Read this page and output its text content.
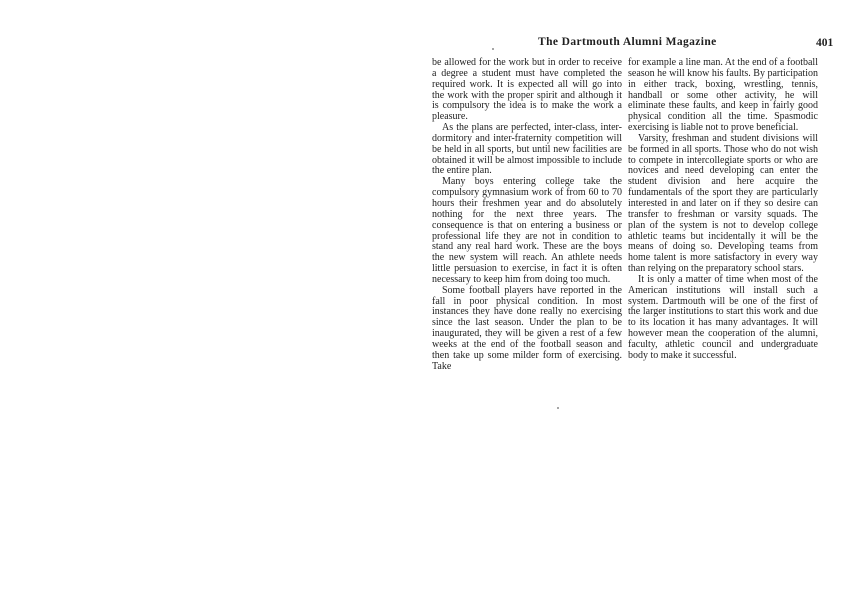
The Dartmouth Alumni Magazine	401

be allowed for the work but in order to receive a degree a student must have completed the required work. It is expected all will go into the work with the proper spirit and although it is compulsory the idea is to make the work a pleasure.

As the plans are perfected, inter-class, inter-dormitory and inter-fraternity competition will be held in all sports, but until new facilities are obtained it will be almost impossible to include the entire plan.

Many boys entering college take the compulsory gymnasium work of from 60 to 70 hours their freshmen year and do absolutely nothing for the next three years. The consequence is that on entering a business or professional life they are not in condition to stand any real hard work. These are the boys the new system will reach. An athlete needs little persuasion to exercise, in fact it is often necessary to keep him from doing too much.

Some football players have reported in the fall in poor physical condition. In most instances they have done really no exercising since the last season. Under the plan to be inaugurated, they will be given a rest of a few weeks at the end of the football season and then take up some milder form of exercising. Take

for example a line man. At the end of a football season he will know his faults. By participation in either track, boxing, wrestling, tennis, handball or some other activity, he will eliminate these faults, and keep in fairly good physical condition all the time. Spasmodic exercising is liable not to prove beneficial.

Varsity, freshman and student divisions will be formed in all sports. Those who do not wish to compete in intercollegiate sports or who are novices and need developing can enter the student division and here acquire the fundamentals of the sport they are particularly interested in and later on if they so desire can transfer to freshman or varsity squads. The plan of the system is not to develop college athletic teams but incidentally it will be the means of doing so. Developing teams from home talent is more satisfactory in every way than relying on the preparatory school stars.

It is only a matter of time when most of the American institutions will install such a system. Dartmouth will be one of the first of the larger institutions to start this work and due to its location it has many advantages. It will however mean the cooperation of the alumni, faculty, athletic council and undergraduate body to make it successful.
